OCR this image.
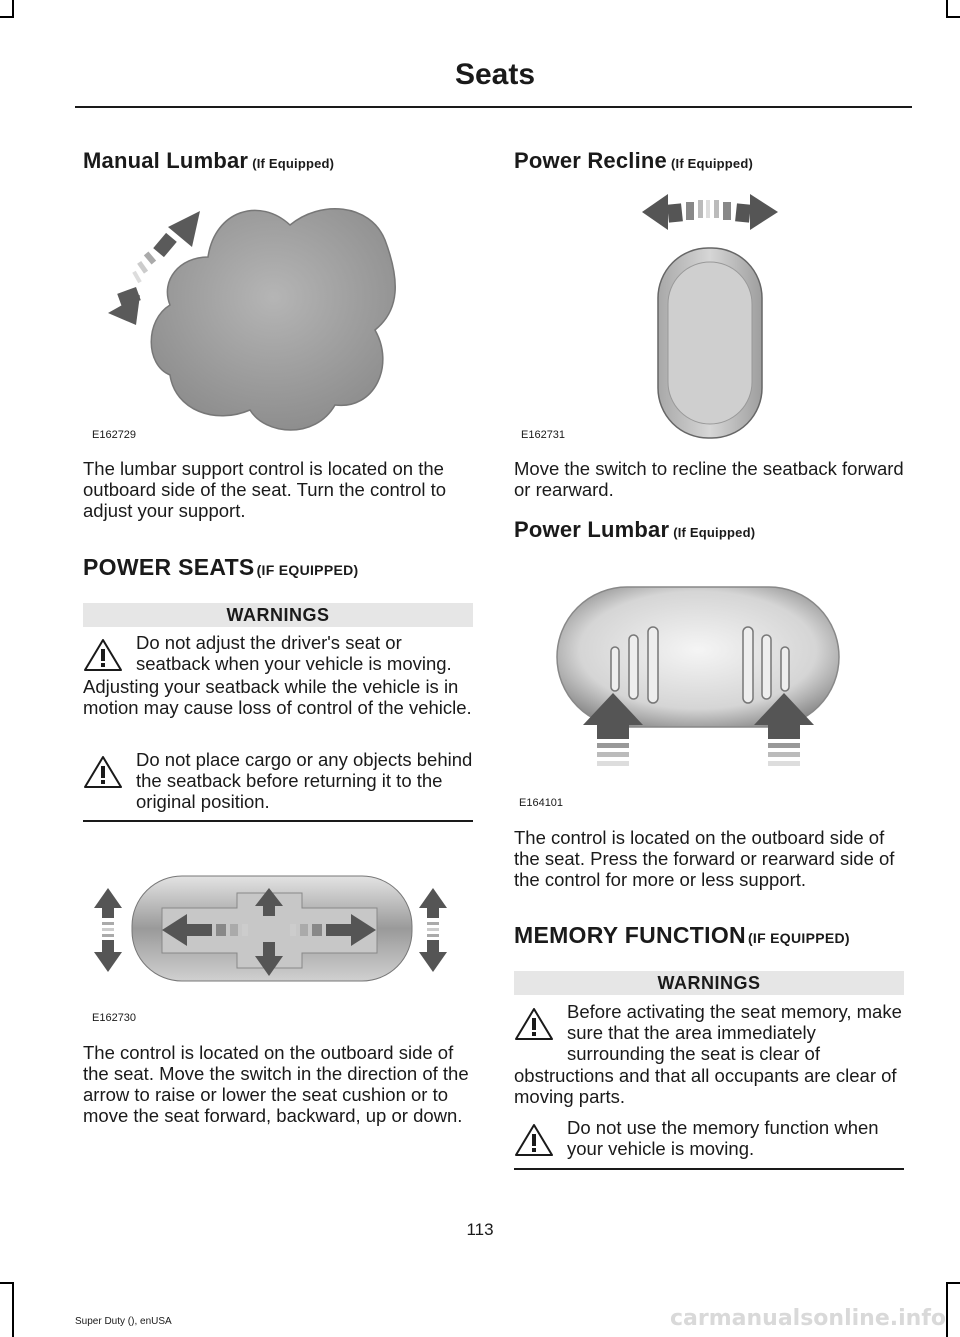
Seats
Manual Lumbar (If Equipped)
E162729
The lumbar support control is located on the outboard side of the seat. Turn the control to adjust your support.
POWER SEATS (IF EQUIPPED)
WARNINGS
Do not adjust the driver's seat or seatback when your vehicle is moving.
Adjusting your seatback while the vehicle is in motion may cause loss of control of the vehicle.
Do not place cargo or any objects behind the seatback before returning it to the original position.
E162730
The control is located on the outboard side of the seat. Move the switch in the direction of the arrow to raise or lower the seat cushion or to move the seat forward, backward, up or down.
Power Recline (If Equipped)
E162731
Move the switch to recline the seatback forward or rearward.
Power Lumbar (If Equipped)
E164101
The control is located on the outboard side of the seat. Press the forward or rearward side of the control for more or less support.
MEMORY FUNCTION (IF EQUIPPED)
WARNINGS
Before activating the seat memory, make sure that the area immediately surrounding the seat is clear of
obstructions and that all occupants are clear of moving parts.
Do not use the memory function when your vehicle is moving.
113
Super Duty (), enUSA	carmanualsonline.info
